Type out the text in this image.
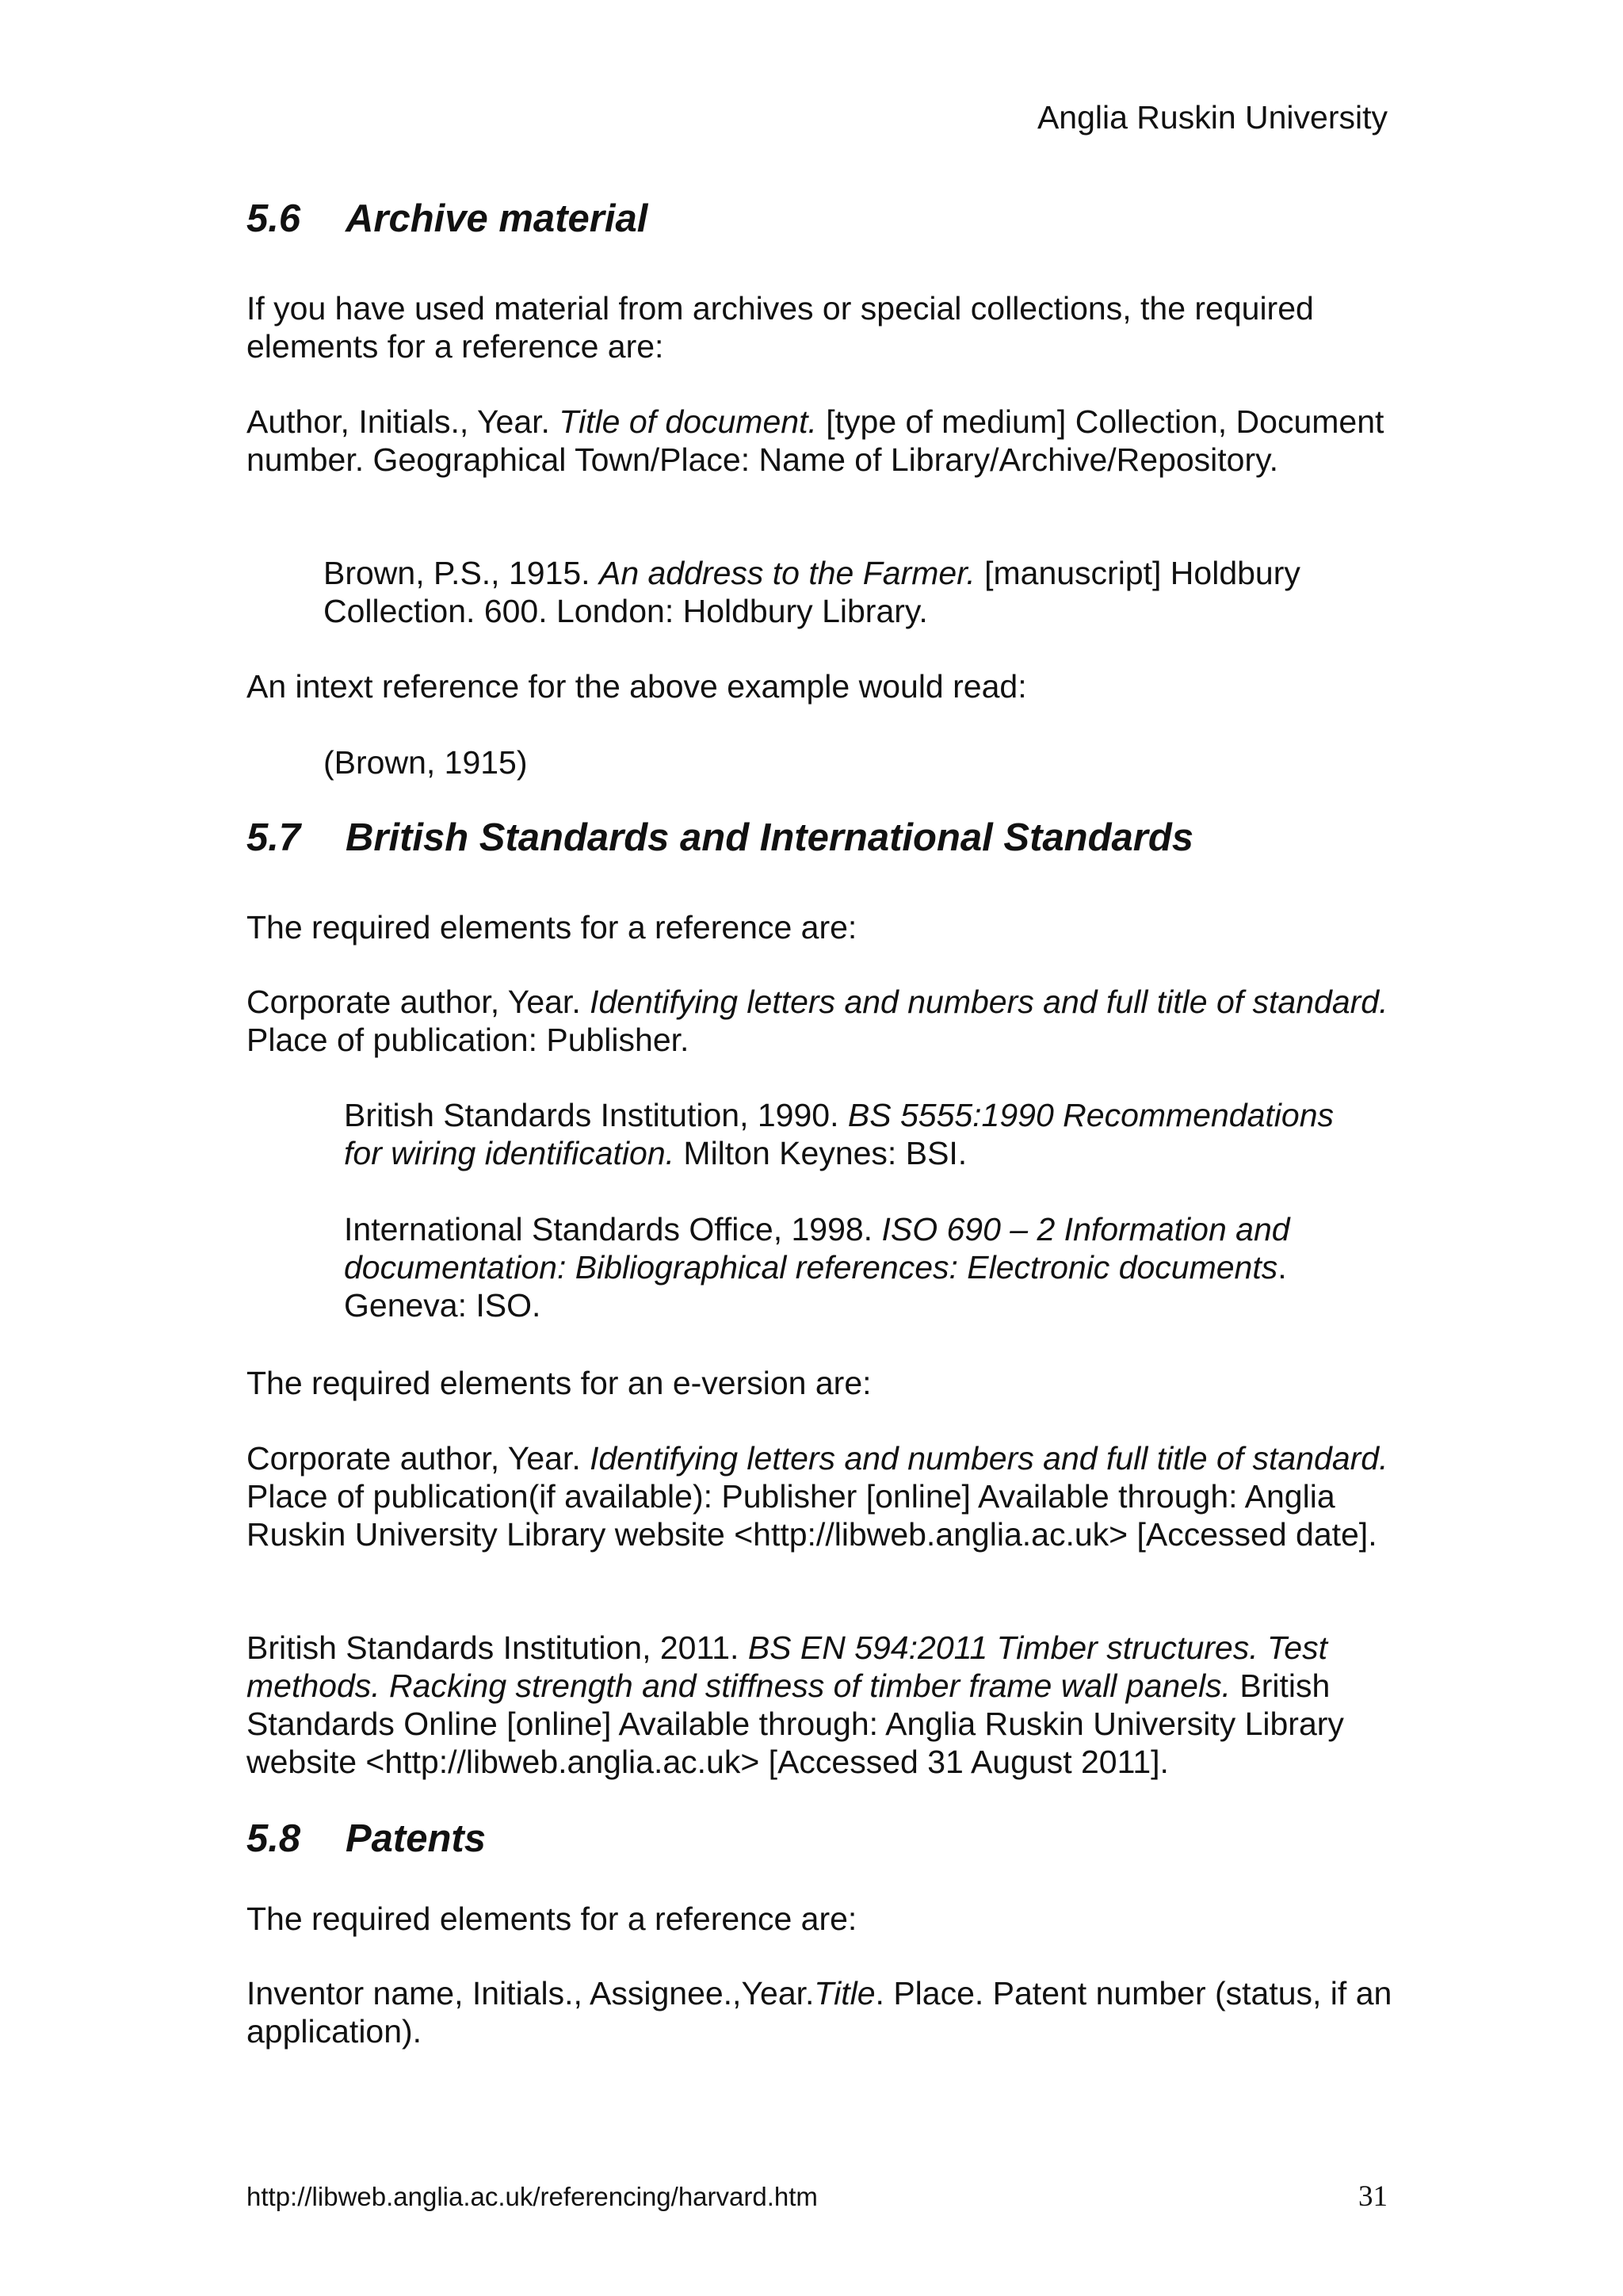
Anglia Ruskin University
5.6 Archive material
If you have used material from archives or special collections, the required elements for a reference are:
Author, Initials., Year. Title of document. [type of medium] Collection, Document number. Geographical Town/Place: Name of Library/Archive/Repository.
Brown, P.S., 1915. An address to the Farmer. [manuscript] Holdbury Collection. 600. London: Holdbury Library.
An intext reference for the above example would read:
(Brown, 1915)
5.7 British Standards and International Standards
The required elements for a reference are:
Corporate author, Year. Identifying letters and numbers and full title of standard. Place of publication: Publisher.
British Standards Institution, 1990. BS 5555:1990 Recommendations for wiring identification. Milton Keynes: BSI.
International Standards Office, 1998. ISO 690 – 2 Information and documentation: Bibliographical references: Electronic documents. Geneva: ISO.
The required elements for an e-version are:
Corporate author, Year. Identifying letters and numbers and full title of standard. Place of publication(if available): Publisher [online] Available through: Anglia Ruskin University Library website <http://libweb.anglia.ac.uk> [Accessed date].
British Standards Institution, 2011. BS EN 594:2011 Timber structures. Test methods. Racking strength and stiffness of timber frame wall panels. British Standards Online [online] Available through: Anglia Ruskin University Library website <http://libweb.anglia.ac.uk> [Accessed 31 August 2011].
5.8 Patents
The required elements for a reference are:
Inventor name, Initials., Assignee.,Year.Title. Place. Patent number (status, if an application).
http://libweb.anglia.ac.uk/referencing/harvard.htm	31
